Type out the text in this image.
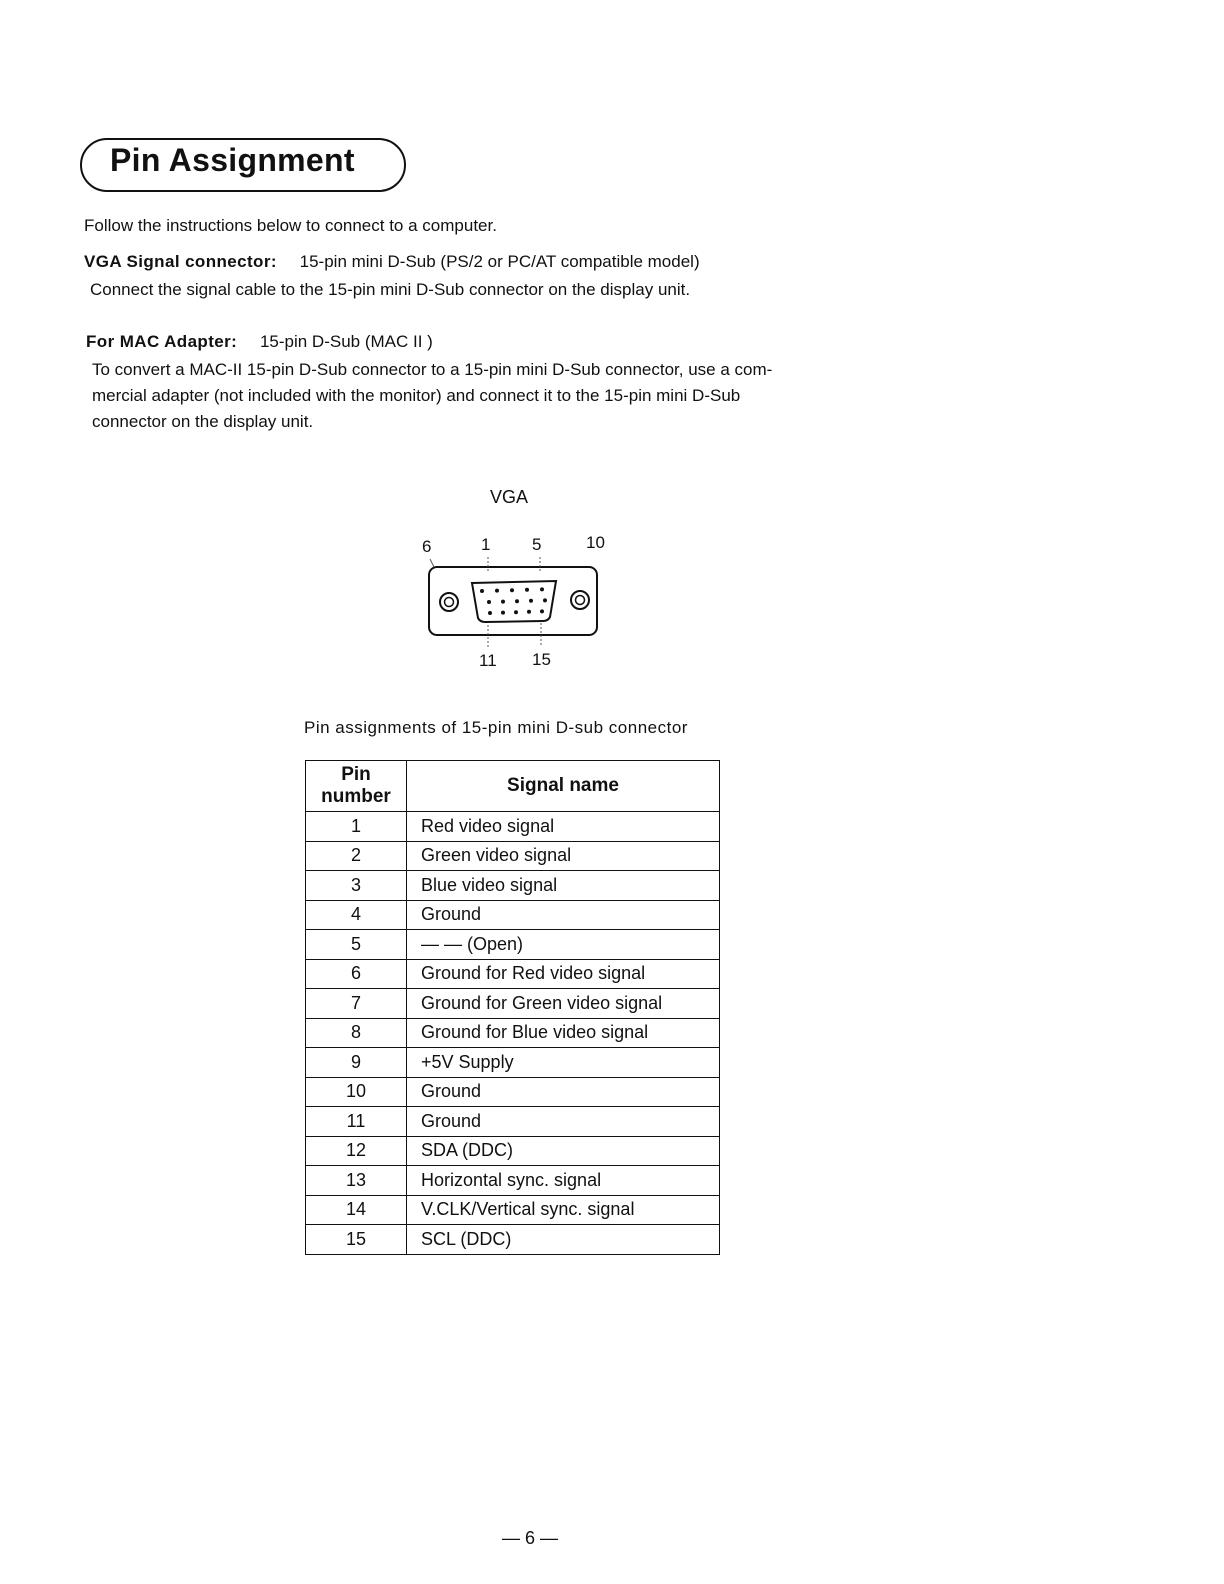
Pin Assignment
Follow the instructions below to connect to a computer.
VGA Signal connector: 15-pin mini D-Sub (PS/2 or PC/AT compatible model)
Connect the signal cable to the 15-pin mini D-Sub connector on the display unit.
For MAC Adapter: 15-pin D-Sub (MAC II )
To convert a MAC-II 15-pin D-Sub connector to a 15-pin mini D-Sub connector, use a com-
mercial adapter (not included with the monitor) and connect it to the 15-pin mini D-Sub
connector on the display unit.
VGA
6	1 5	10
11 15
Pin assignments of 15-pin mini D-sub connector
Pin
number	Signal name
1	Red video signal
2	Green video signal
3	Blue video signal
4	Ground
5	— — (Open)
6	Ground for Red video signal
7	Ground for Green video signal
8	Ground for Blue video signal
9	+5V Supply
10	Ground
11	Ground
12	SDA (DDC)
13	Horizontal sync. signal
14	V.CLK/Vertical sync. signal
15	SCL (DDC)
— 6 —
